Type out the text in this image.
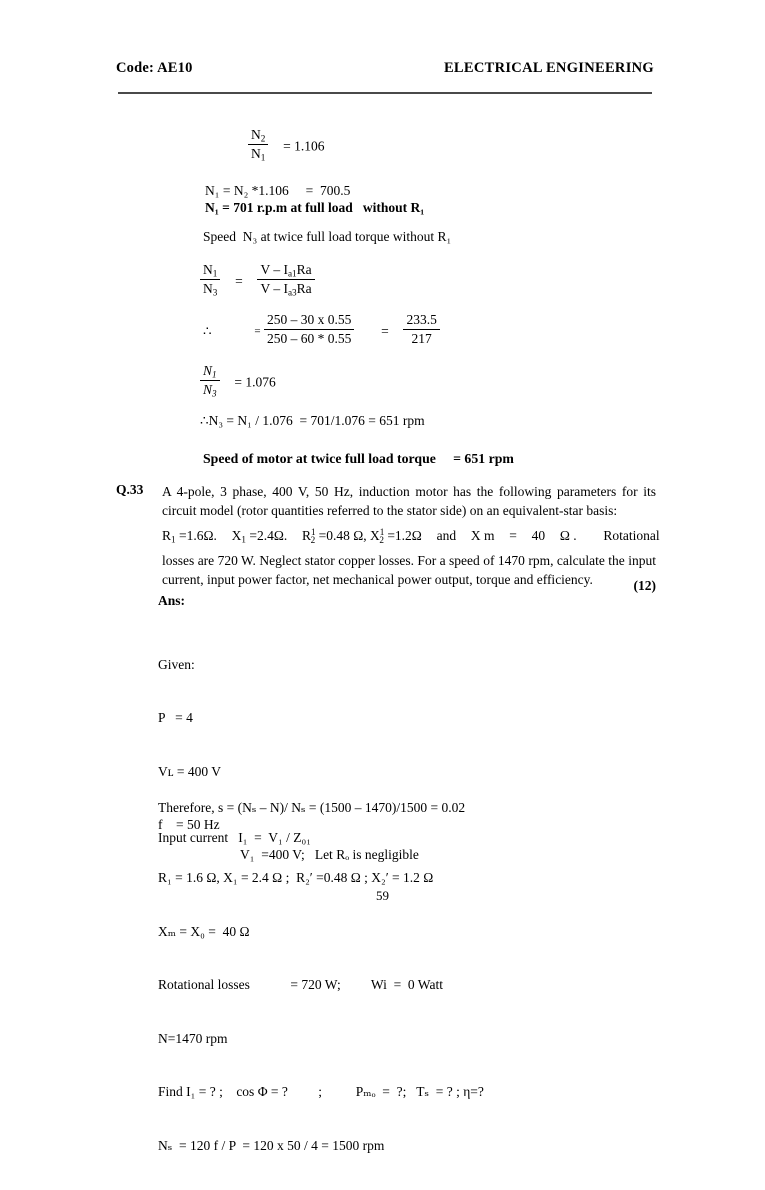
Code: AE10	ELECTRICAL ENGINEERING
$\frac{N_2}{N_1} = 1.106$
N₁ = N₂ *1.106     =  700.5
N₁ = 701 r.p.m at full load   without R₁
Speed  N₃ at twice full load torque without R₁
$\frac{N_1}{N_3} = \frac{V - I_{a1}Ra}{V - I_{a3}Ra}$
∴	= $\frac{250 - 30 x 0.55}{250 - 60 * 0.55} = \frac{233.5}{217}$
$\frac{N_1}{N_3} = 1.076$
∴N₃ = N₁ / 1.076  = 701/1.076 = 651 rpm
Speed of motor at twice full load torque     = 651 rpm
Q.33 A 4-pole, 3 phase, 400 V, 50 Hz, induction motor has the following parameters for its circuit model (rotor quantities referred to the stator side) on an equivalent-star basis:
$R_1 =1.6\Omega$. $X_1 =2.4\Omega$. $R^1_2 =0.48$ Ω, $X^1_2 =1.2\Omega$ and X m = 40 Ω . Rotational
losses are 720 W. Neglect stator copper losses. For a speed of 1470 rpm, calculate the input current, input power factor, net mechanical power output, torque and efficiency.	(12)
Ans:

Given:

P   = 4

Vʟ = 400 V

f    = 50 Hᴢ

R₁ = 1.6 Ω, X₁ = 2.4 Ω ;  R₂′ =0.48 Ω ; X₂′ = 1.2 Ω

Xₘ = X₀ =  40 Ω

Rotational losses            = 720 W;         Wi  =  0 Watt

N=1470 rpm

Find I₁ = ? ;    cos Φ = ?         ;          Pₘₒ  =  ?;   Tₛ  = ? ; η=?

Nₛ  = 120 f / P  = 120 x 50 / 4 = 1500 rpm

Therefore, s = (Nₛ – N)/ Nₛ = (1500 – 1470)/1500 = 0.02
Input current   I₁  =  V₁ / Z₀₁
V₁  =400 V;   Let Rₒ is negligible
59
